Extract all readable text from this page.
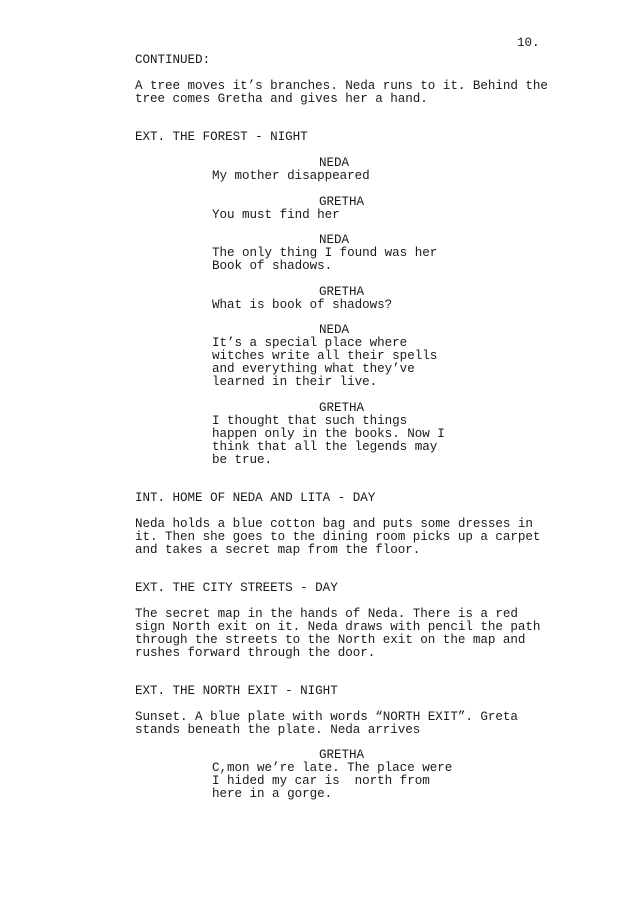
10.
CONTINUED:
A tree moves it’s branches. Neda runs to it. Behind the
tree comes Gretha and gives her a hand.
EXT. THE FOREST - NIGHT
NEDA
My mother disappeared
GRETHA
You must find her
NEDA
The only thing I found was her
Book of shadows.
GRETHA
What is book of shadows?
NEDA
It’s a special place where
witches write all their spells
and everything what they’ve
learned in their live.
GRETHA
I thought that such things
happen only in the books. Now I
think that all the legends may
be true.
INT. HOME OF NEDA AND LITA - DAY
Neda holds a blue cotton bag and puts some dresses in
it. Then she goes to the dining room picks up a carpet
and takes a secret map from the floor.
EXT. THE CITY STREETS - DAY
The secret map in the hands of Neda. There is a red
sign North exit on it. Neda draws with pencil the path
through the streets to the North exit on the map and
rushes forward through the door.
EXT. THE NORTH EXIT - NIGHT
Sunset. A blue plate with words “NORTH EXIT”. Greta
stands beneath the plate. Neda arrives
GRETHA
C,mon we’re late. The place were
I hided my car is  north from
here in a gorge.
